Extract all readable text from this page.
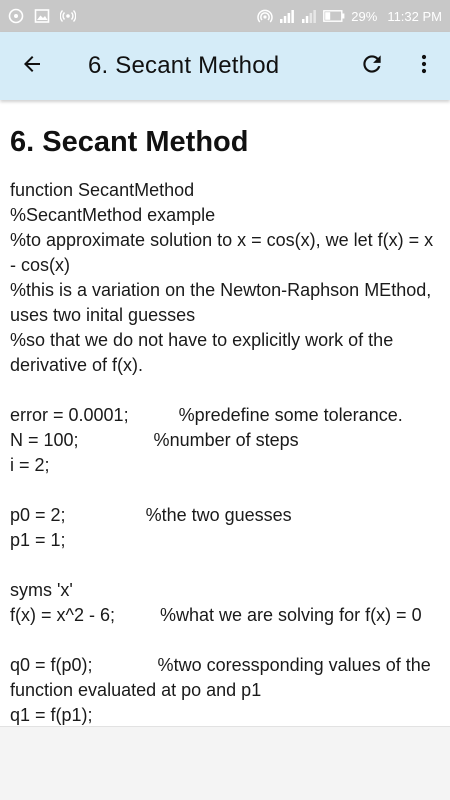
29% 11:32 PM
6. Secant Method
6. Secant Method
function SecantMethod
%SecantMethod example
%to approximate solution to x = cos(x), we let f(x) = x - cos(x)
%this is a variation on the Newton-Raphson MEthod, uses two inital guesses
%so that we do not have to explicitly work of the derivative of f(x).
error = 0.0001;          %predefine some tolerance.
N = 100;               %number of steps
i = 2;
p0 = 2;                %the two guesses
p1 = 1;
syms 'x'
f(x) = x^2 - 6;         %what we are solving for f(x) = 0
q0 = f(p0);             %two coressponding values of the function evaluated at po and p1
q1 = f(p1);
